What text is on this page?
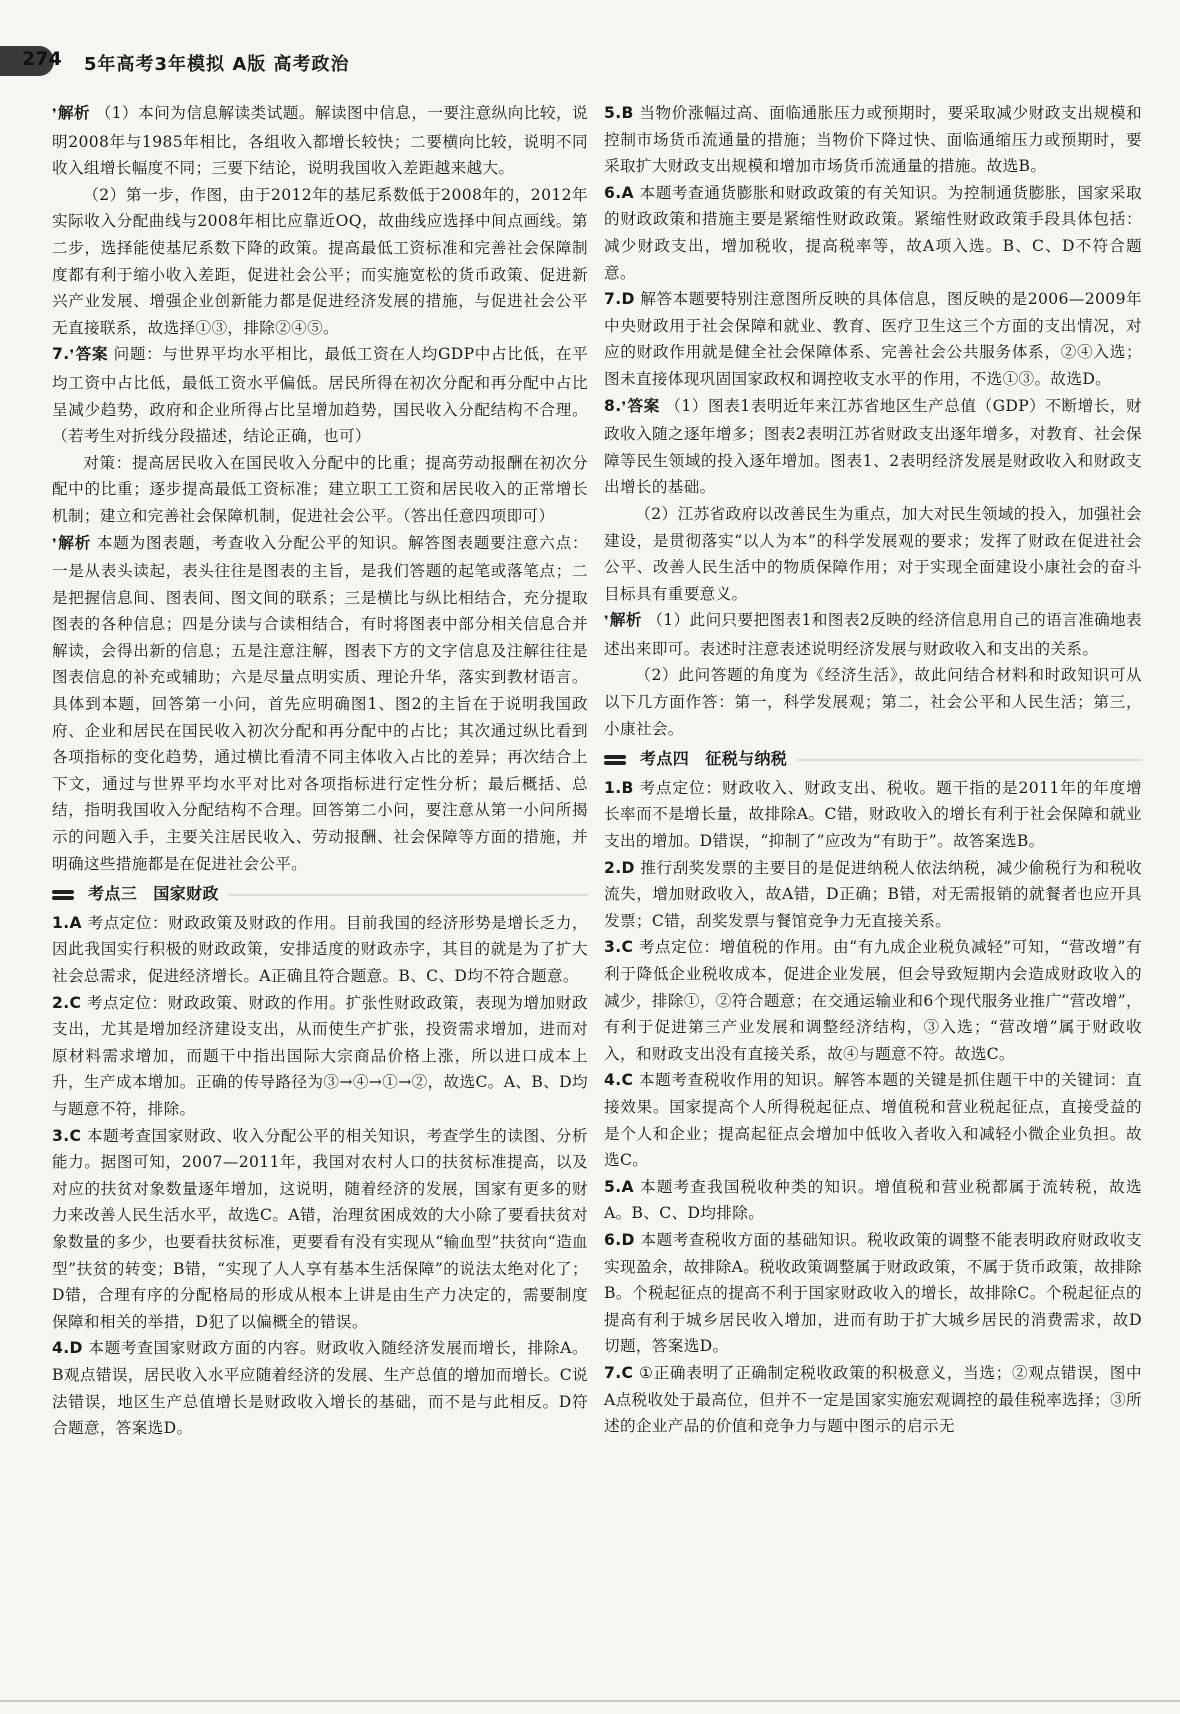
274 5年高考3年模拟 A版 高考政治

❜ 解析 （1）本问为信息解读类试题。解读图中信息，一要注意纵向比较，说明2008年与1985年相比，各组收入都增长较快；二要横向比较，说明不同收入组增长幅度不同；三要下结论，说明我国收入差距越来越大。

（2）第一步，作图，由于2012年的基尼系数低于2008年的，2012年实际收入分配曲线与2008年相比应靠近OQ，故曲线应选择中间点画线。第二步，选择能使基尼系数下降的政策。提高最低工资标准和完善社会保障制度都有利于缩小收入差距，促进社会公平；而实施宽松的货币政策、促进新兴产业发展、增强企业创新能力都是促进经济发展的措施，与促进社会公平无直接联系，故选择①③，排除②④⑤。

7. ❜ 答案 问题：与世界平均水平相比，最低工资在人均GDP中占比低，在平均工资中占比低，最低工资水平偏低。居民所得在初次分配和再分配中占比呈减少趋势，政府和企业所得占比呈增加趋势，国民收入分配结构不合理。（若考生对折线分段描述，结论正确，也可）

对策：提高居民收入在国民收入分配中的比重；提高劳动报酬在初次分配中的比重；逐步提高最低工资标准；建立职工工资和居民收入的正常增长机制；建立和完善社会保障机制，促进社会公平。（答出任意四项即可）

❜ 解析 本题为图表题，考查收入分配公平的知识。解答图表题要注意六点：一是从表头读起，表头往往是图表的主旨，是我们答题的起笔或落笔点；二是把握信息间、图表间、图文间的联系；三是横比与纵比相结合，充分提取图表的各种信息；四是分读与合读相结合，有时将图表中部分相关信息合并解读，会得出新的信息；五是注意注解，图表下方的文字信息及注解往往是图表信息的补充或辅助；六是尽量点明实质、理论升华，落实到教材语言。具体到本题，回答第一小问，首先应明确图1、图2的主旨在于说明我国政府、企业和居民在国民收入初次分配和再分配中的占比；其次通过纵比看到各项指标的变化趋势，通过横比看清不同主体收入占比的差异；再次结合上下文，通过与世界平均水平对比对各项指标进行定性分析；最后概括、总结，指明我国收入分配结构不合理。回答第二小问，要注意从第一小问所揭示的问题入手，主要关注居民收入、劳动报酬、社会保障等方面的措施，并明确这些措施都是在促进社会公平。

考点三　国家财政

1.A 考点定位：财政政策及财政的作用。目前我国的经济形势是增长乏力，因此我国实行积极的财政政策，安排适度的财政赤字，其目的就是为了扩大社会总需求，促进经济增长。A正确且符合题意。B、C、D均不符合题意。

2.C 考点定位：财政政策、财政的作用。扩张性财政政策，表现为增加财政支出，尤其是增加经济建设支出，从而使生产扩张，投资需求增加，进而对原材料需求增加，而题干中指出国际大宗商品价格上涨，所以进口成本上升，生产成本增加。正确的传导路径为③→④→①→②，故选C。A、B、D均与题意不符，排除。

3.C 本题考查国家财政、收入分配公平的相关知识，考查学生的读图、分析能力。据图可知，2007—2011年，我国对农村人口的扶贫标准提高，以及对应的扶贫对象数量逐年增加，这说明，随着经济的发展，国家有更多的财力来改善人民生活水平，故选C。A错，治理贫困成效的大小除了要看扶贫对象数量的多少，也要看扶贫标准，更要看有没有实现从“输血型”扶贫向“造血型”扶贫的转变；B错，“实现了人人享有基本生活保障”的说法太绝对化了；D错，合理有序的分配格局的形成从根本上讲是由生产力决定的，需要制度保障和相关的举措，D犯了以偏概全的错误。

4.D 本题考查国家财政方面的内容。财政收入随经济发展而增长，排除A。B观点错误，居民收入水平应随着经济的发展、生产总值的增加而增长。C说法错误，地区生产总值增长是财政收入增长的基础，而不是与此相反。D符合题意，答案选D。

5.B 当物价涨幅过高、面临通胀压力或预期时，要采取减少财政支出规模和控制市场货币流通量的措施；当物价下降过快、面临通缩压力或预期时，要采取扩大财政支出规模和增加市场货币流通量的措施。故选B。

6.A 本题考查通货膨胀和财政政策的有关知识。为控制通货膨胀，国家采取的财政政策和措施主要是紧缩性财政政策。紧缩性财政政策手段具体包括：减少财政支出，增加税收，提高税率等，故A项入选。B、C、D不符合题意。

7.D 解答本题要特别注意图所反映的具体信息，图反映的是2006—2009年中央财政用于社会保障和就业、教育、医疗卫生这三个方面的支出情况，对应的财政作用就是健全社会保障体系、完善社会公共服务体系，②④入选；图未直接体现巩固国家政权和调控收支水平的作用，不选①③。故选D。

8. ❜ 答案 （1）图表1表明近年来江苏省地区生产总值（GDP）不断增长，财政收入随之逐年增多；图表2表明江苏省财政支出逐年增多，对教育、社会保障等民生领域的投入逐年增加。图表1、2表明经济发展是财政收入和财政支出增长的基础。

（2）江苏省政府以改善民生为重点，加大对民生领域的投入，加强社会建设，是贯彻落实“以人为本”的科学发展观的要求；发挥了财政在促进社会公平、改善人民生活中的物质保障作用；对于实现全面建设小康社会的奋斗目标具有重要意义。

❜ 解析 （1）此问只要把图表1和图表2反映的经济信息用自己的语言准确地表述出来即可。表述时注意表述说明经济发展与财政收入和支出的关系。

（2）此问答题的角度为《经济生活》，故此问结合材料和时政知识可从以下几方面作答：第一，科学发展观；第二，社会公平和人民生活；第三，小康社会。

考点四　征税与纳税

1.B 考点定位：财政收入、财政支出、税收。题干指的是2011年的年度增长率而不是增长量，故排除A。C错，财政收入的增长有利于社会保障和就业支出的增加。D错误，“抑制了”应改为“有助于”。故答案选B。

2.D 推行刮奖发票的主要目的是促进纳税人依法纳税，减少偷税行为和税收流失，增加财政收入，故A错，D正确；B错，对无需报销的就餐者也应开具发票；C错，刮奖发票与餐馆竞争力无直接关系。

3.C 考点定位：增值税的作用。由“有九成企业税负减轻”可知，“营改增”有利于降低企业税收成本，促进企业发展，但会导致短期内会造成财政收入的减少，排除①，②符合题意；在交通运输业和6个现代服务业推广“营改增”，有利于促进第三产业发展和调整经济结构，③入选；“营改增”属于财政收入，和财政支出没有直接关系，故④与题意不符。故选C。

4.C 本题考查税收作用的知识。解答本题的关键是抓住题干中的关键词：直接效果。国家提高个人所得税起征点、增值税和营业税起征点，直接受益的是个人和企业；提高起征点会增加中低收入者收入和减轻小微企业负担。故选C。

5.A 本题考查我国税收种类的知识。增值税和营业税都属于流转税，故选A。B、C、D均排除。

6.D 本题考查税收方面的基础知识。税收政策的调整不能表明政府财政收支实现盈余，故排除A。税收政策调整属于财政政策，不属于货币政策，故排除B。个税起征点的提高不利于国家财政收入的增长，故排除C。个税起征点的提高有利于城乡居民收入增加，进而有助于扩大城乡居民的消费需求，故D切题，答案选D。

7.C ①正确表明了正确制定税收政策的积极意义，当选；②观点错误，图中A点税收处于最高位，但并不一定是国家实施宏观调控的最佳税率选择；③所述的企业产品的价值和竞争力与题中图示的启示无
